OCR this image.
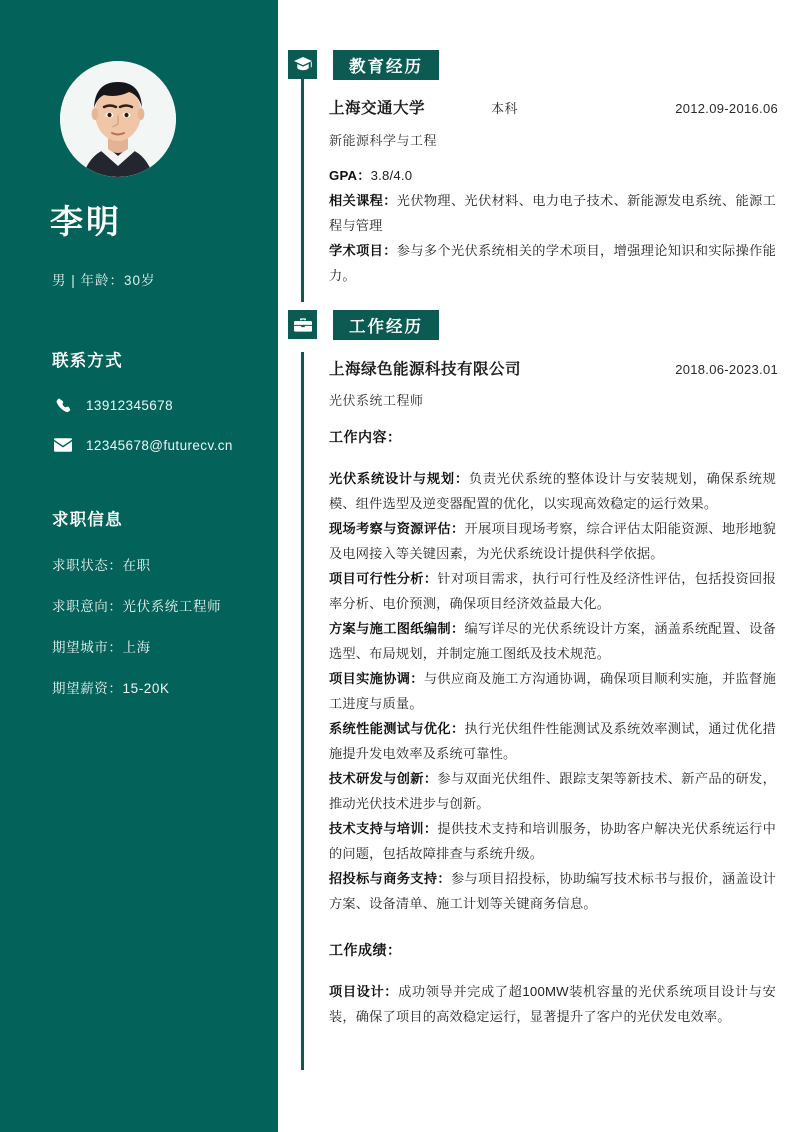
李明
男 | 年龄：30岁
联系方式
13912345678
12345678@futurecv.cn
求职信息
求职状态：在职
求职意向：光伏系统工程师
期望城市：上海
期望薪资：15-20K
教育经历
上海交通大学	本科	2012.09-2016.06
新能源科学与工程

GPA：3.8/4.0

相关课程：光伏物理、光伏材料、电力电子技术、新能源发电系统、能源工程与管理

学术项目：参与多个光伏系统相关的学术项目，增强理论知识和实际操作能力。

工作经历
上海绿色能源科技有限公司	2018.06-2023.01
光伏系统工程师

工作内容：

光伏系统设计与规划：负责光伏系统的整体设计与安装规划，确保系统规模、组件选型及逆变器配置的优化，以实现高效稳定的运行效果。

现场考察与资源评估：开展项目现场考察，综合评估太阳能资源、地形地貌及电网接入等关键因素，为光伏系统设计提供科学依据。

项目可行性分析：针对项目需求，执行可行性及经济性评估，包括投资回报率分析、电价预测，确保项目经济效益最大化。

方案与施工图纸编制：编写详尽的光伏系统设计方案，涵盖系统配置、设备选型、布局规划，并制定施工图纸及技术规范。

项目实施协调：与供应商及施工方沟通协调，确保项目顺利实施，并监督施工进度与质量。

系统性能测试与优化：执行光伏组件性能测试及系统效率测试，通过优化措施提升发电效率及系统可靠性。

技术研发与创新：参与双面光伏组件、跟踪支架等新技术、新产品的研发，推动光伏技术进步与创新。

技术支持与培训：提供技术支持和培训服务，协助客户解决光伏系统运行中的问题，包括故障排查与系统升级。

招投标与商务支持：参与项目招投标，协助编写技术标书与报价，涵盖设计方案、设备清单、施工计划等关键商务信息。

工作成绩：

项目设计：成功领导并完成了超100MW装机容量的光伏系统项目设计与安装，确保了项目的高效稳定运行，显著提升了客户的光伏发电效率。
